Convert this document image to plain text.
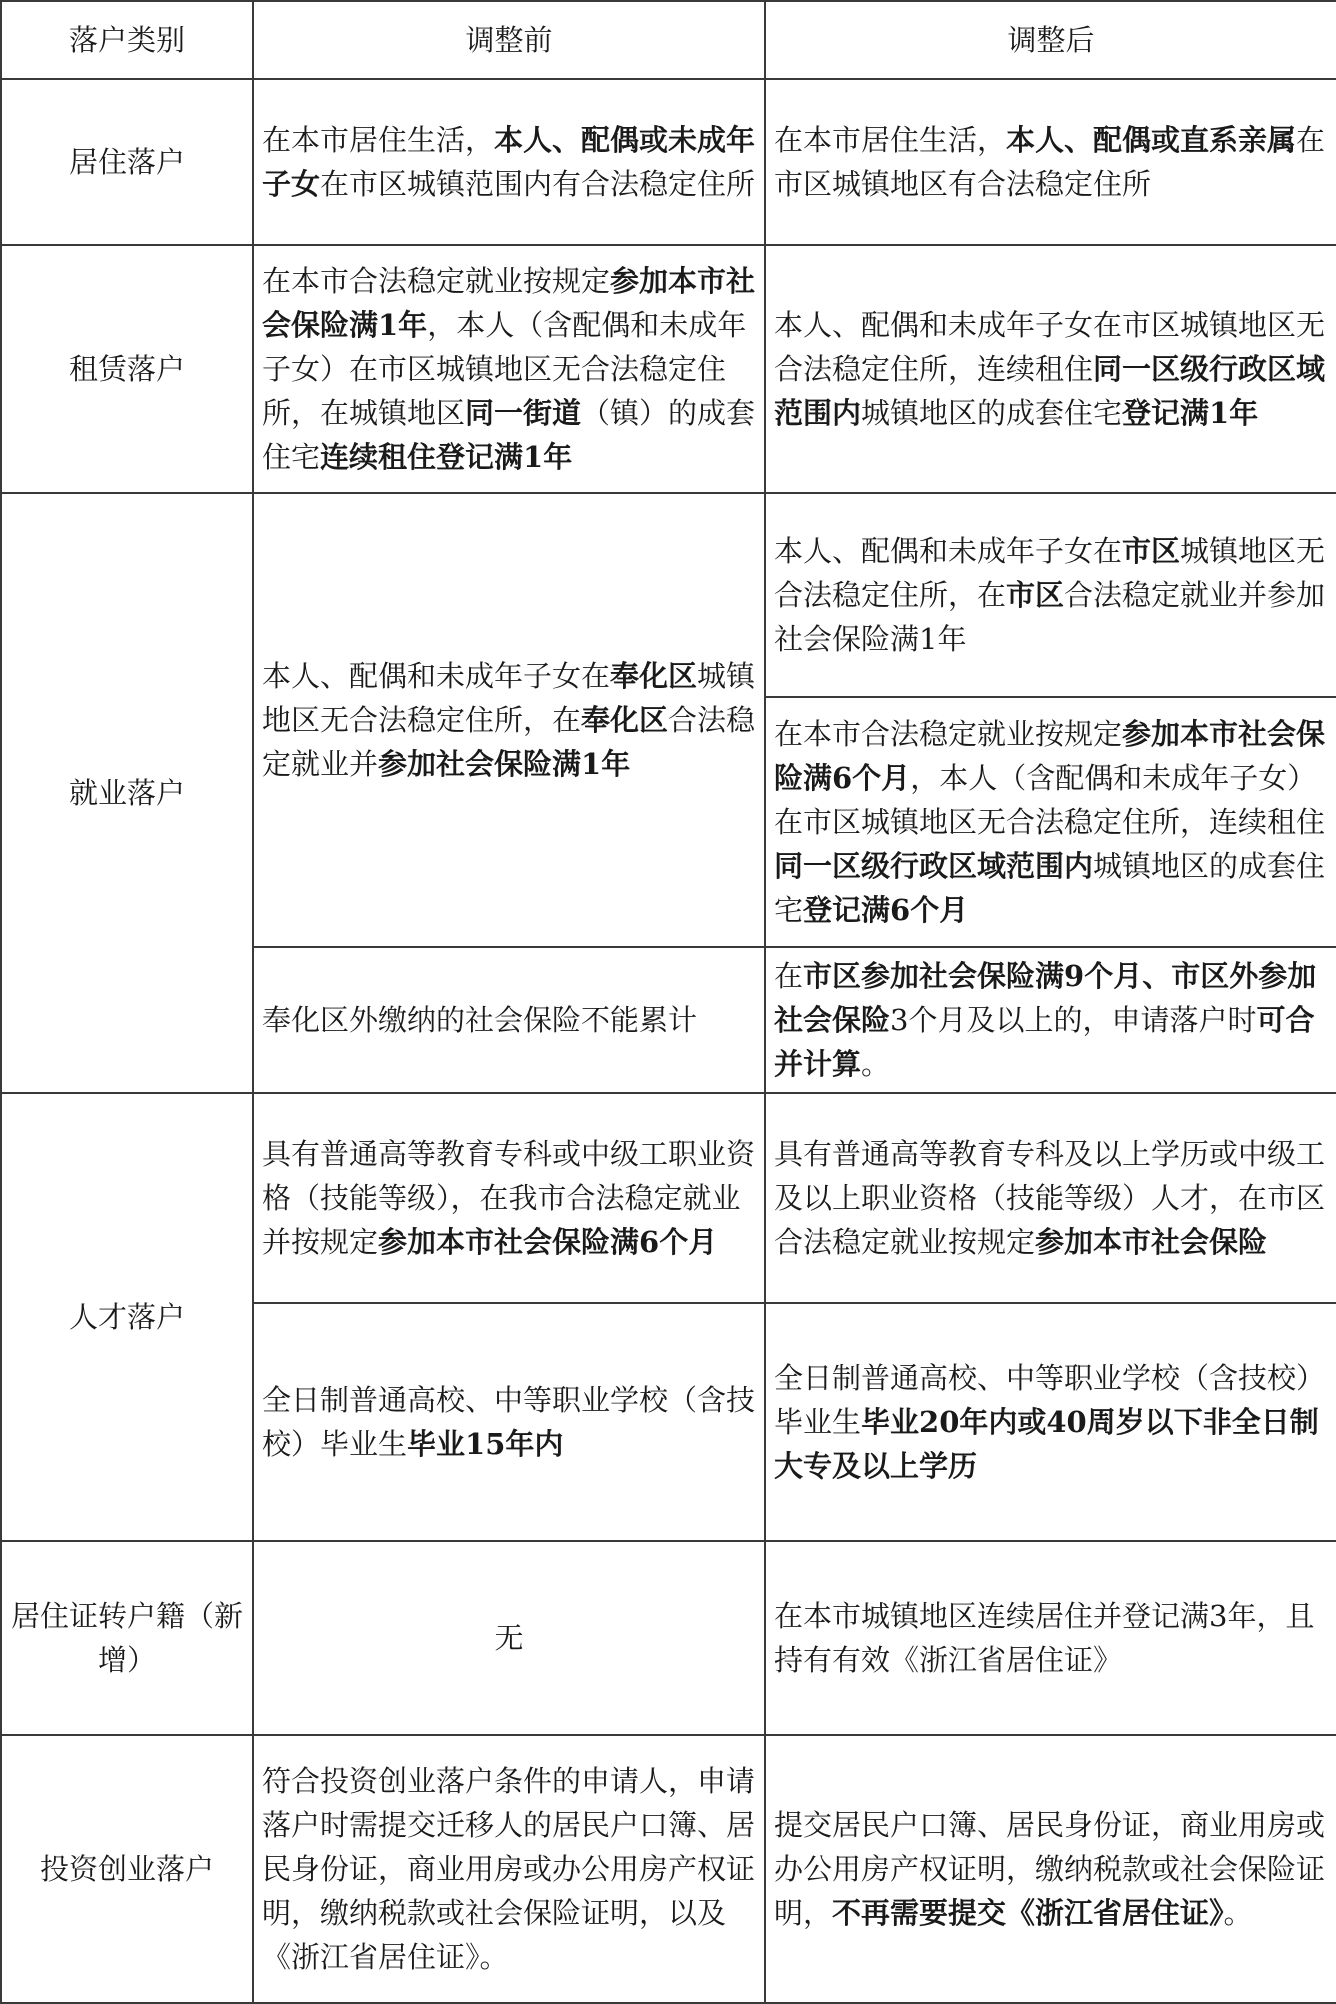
落户类别	调整前	调整后
居住落户	在本市居住生活，本人、配偶或未成年子女在市区城镇范围内有合法稳定住所	在本市居住生活，本人、配偶或直系亲属在市区城镇地区有合法稳定住所
租赁落户	在本市合法稳定就业按规定参加本市社会保险满1年，本人（含配偶和未成年子女）在市区城镇地区无合法稳定住所，在城镇地区同一街道（镇）的成套住宅连续租住登记满1年	本人、配偶和未成年子女在市区城镇地区无合法稳定住所，连续租住同一区级行政区域范围内城镇地区的成套住宅登记满1年
就业落户	本人、配偶和未成年子女在奉化区城镇地区无合法稳定住所，在奉化区合法稳定就业并参加社会保险满1年	本人、配偶和未成年子女在市区城镇地区无合法稳定住所，在市区合法稳定就业并参加社会保险满1年
		在本市合法稳定就业按规定参加本市社会保险满6个月，本人（含配偶和未成年子女）在市区城镇地区无合法稳定住所，连续租住同一区级行政区域范围内城镇地区的成套住宅登记满6个月
	奉化区外缴纳的社会保险不能累计	在市区参加社会保险满9个月、市区外参加社会保险3个月及以上的，申请落户时可合并计算。
人才落户	具有普通高等教育专科或中级工职业资格（技能等级），在我市合法稳定就业并按规定参加本市社会保险满6个月	具有普通高等教育专科及以上学历或中级工及以上职业资格（技能等级）人才，在市区合法稳定就业按规定参加本市社会保险
	全日制普通高校、中等职业学校（含技校）毕业生毕业15年内	全日制普通高校、中等职业学校（含技校）毕业生毕业20年内或40周岁以下非全日制大专及以上学历
居住证转户籍（新增）	无	在本市城镇地区连续居住并登记满3年，且持有有效《浙江省居住证》
投资创业落户	符合投资创业落户条件的申请人，申请落户时需提交迁移人的居民户口簿、居民身份证，商业用房或办公用房产权证明，缴纳税款或社会保险证明，以及《浙江省居住证》。	提交居民户口簿、居民身份证，商业用房或办公用房产权证明，缴纳税款或社会保险证明，不再需要提交《浙江省居住证》。
